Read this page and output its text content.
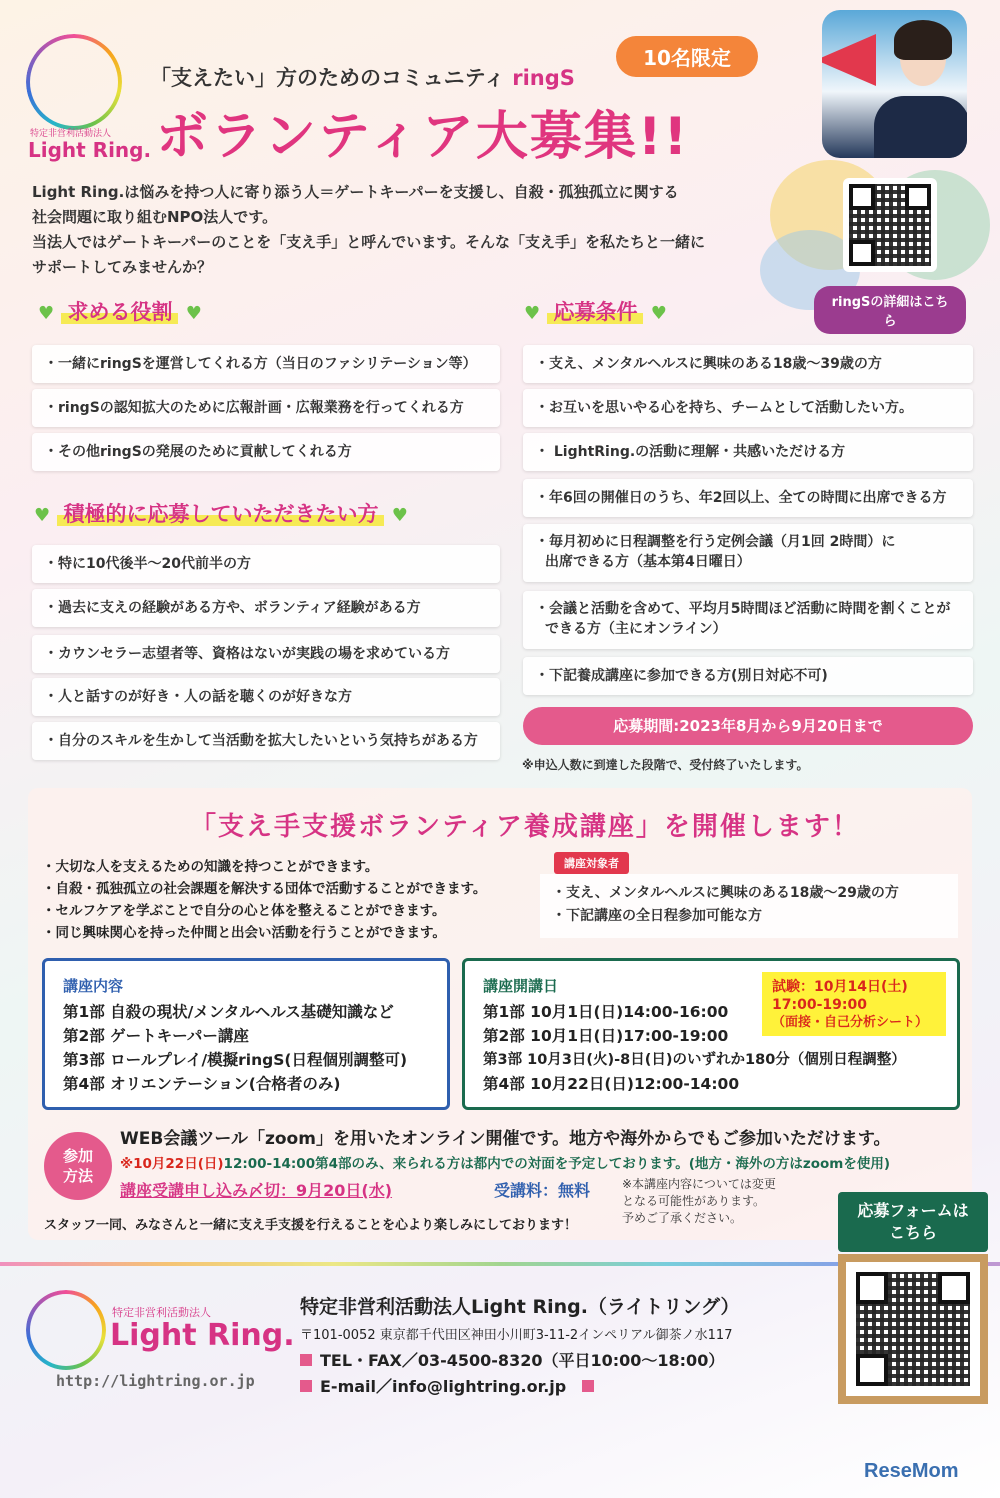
特定非営利活動法人
Light Ring.
「支えたい」方のためのコミュニティ ringS
ボランティア大募集!!
10名限定
Light Ring.は悩みを持つ人に寄り添う人＝ゲートキーパーを支援し、自殺・孤独孤立に関する
社会問題に取り組むNPO法人です。
当法人ではゲートキーパーのことを「支え手」と呼んでいます。そんな「支え手」を私たちと一緒に
サポートしてみませんか？
ringSの詳細はこちら
♥ 求める役割 ♥	♥ 応募条件 ♥
・一緒にringSを運営してくれる方（当日のファシリテーション等）
・ringSの認知拡大のために広報計画・広報業務を行ってくれる方
・その他ringSの発展のために貢献してくれる方
♥ 積極的に応募していただきたい方 ♥
・特に10代後半〜20代前半の方
・過去に支えの経験がある方や、ボランティア経験がある方
・カウンセラー志望者等、資格はないが実践の場を求めている方
・人と話すのが好き・人の話を聴くのが好きな方
・自分のスキルを生かして当活動を拡大したいという気持ちがある方
・支え、メンタルヘルスに興味のある18歳〜39歳の方
・お互いを思いやる心を持ち、チームとして活動したい方。
・ LightRing.の活動に理解・共感いただける方
・年6回の開催日のうち、年2回以上、全ての時間に出席できる方
・毎月初めに日程調整を行う定例会議（月1回 2時間）に
出席できる方（基本第4日曜日）
・会議と活動を含めて、平均月5時間ほど活動に時間を割くことが
できる方（主にオンライン）
・下記養成講座に参加できる方(別日対応不可)
応募期間:2023年8月から9月20日まで
※申込人数に到達した段階で、受付終了いたします。
「支え手支援ボランティア養成講座」を開催します！
・大切な人を支えるための知識を持つことができます。
・自殺・孤独孤立の社会課題を解決する団体で活動することができます。
・セルフケアを学ぶことで自分の心と体を整えることができます。
・同じ興味関心を持った仲間と出会い活動を行うことができます。
講座対象者
・支え、メンタルヘルスに興味のある18歳〜29歳の方
・下記講座の全日程参加可能な方
講座内容
第1部 自殺の現状/メンタルヘルス基礎知識など
第2部 ゲートキーパー講座
第3部 ロールプレイ/模擬ringS(日程個別調整可)
第4部 オリエンテーション(合格者のみ)
講座開講日
第1部 10月1日(日)14:00-16:00
第2部 10月1日(日)17:00-19:00
第3部 10月3日(火)-8日(日)のいずれか180分（個別日程調整）
第4部 10月22日(日)12:00-14:00
試験：10月14日(土)
17:00-19:00
（面接・自己分析シート）
参加
方法
WEB会議ツール「zoom」を用いたオンライン開催です。地方や海外からでもご参加いただけます。
※10月22日(日)12:00-14:00第4部のみ、来られる方は都内での対面を予定しております。(地方・海外の方はzoomを使用)
講座受講申し込み〆切：9月20日(水)	受講料：無料	※本講座内容については変更
となる可能性があります。
予めご了承ください。
スタッフ一同、みなさんと一緒に支え手支援を行えることを心より楽しみにしております！
応募フォームは
こちら
特定非営利活動法人
Light Ring.
http://lightring.or.jp
特定非営利活動法人Light Ring.（ライトリング）
〒101-0052 東京都千代田区神田小川町3-11-2インペリアル御茶ノ水117
TEL・FAX／03-4500-8320（平日10:00〜18:00）
E-mail／info@lightring.or.jp
ReseMom
